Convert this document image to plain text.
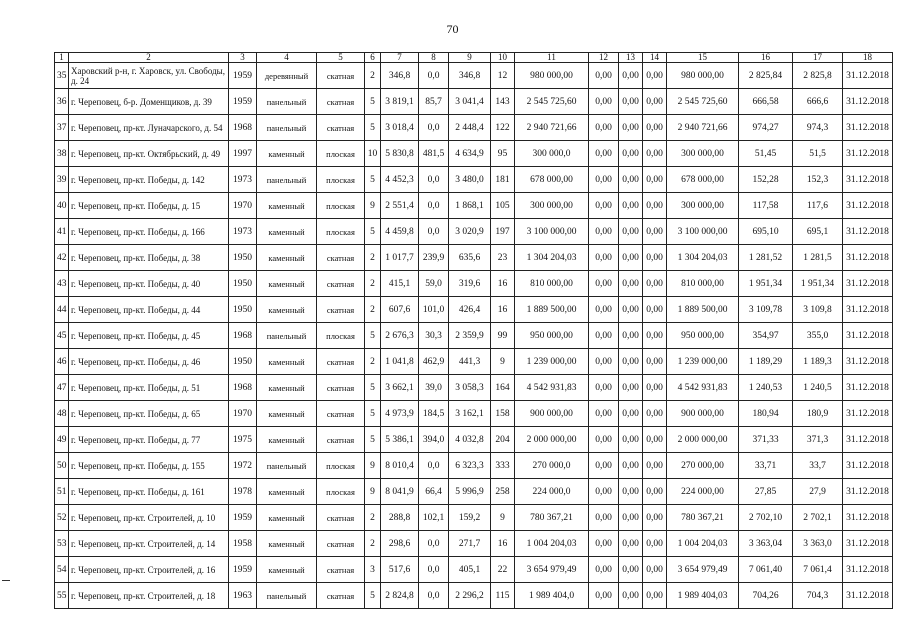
70
1	2	3	4	5	6	7	8	9	10	11	12	13	14	15	16	17	18
35	Харовский р-н, г. Харовск, ул. Свободы, д. 24	1959	деревянный	скатная	2	346,8	0,0	346,8	12	980 000,00	0,00	0,00	0,00	980 000,00	2 825,84	2 825,8	31.12.2018
36	г. Череповец, б-р. Доменщиков, д. 39	1959	панельный	скатная	5	3 819,1	85,7	3 041,4	143	2 545 725,60	0,00	0,00	0,00	2 545 725,60	666,58	666,6	31.12.2018
37	г. Череповец, пр-кт. Луначарского, д. 54	1968	панельный	скатная	5	3 018,4	0,0	2 448,4	122	2 940 721,66	0,00	0,00	0,00	2 940 721,66	974,27	974,3	31.12.2018
38	г. Череповец, пр-кт. Октябрьский, д. 49	1997	каменный	плоская	10	5 830,8	481,5	4 634,9	95	300 000,0	0,00	0,00	0,00	300 000,00	51,45	51,5	31.12.2018
39	г. Череповец, пр-кт. Победы, д. 142	1973	панельный	плоская	5	4 452,3	0,0	3 480,0	181	678 000,00	0,00	0,00	0,00	678 000,00	152,28	152,3	31.12.2018
40	г. Череповец, пр-кт. Победы, д. 15	1970	каменный	плоская	9	2 551,4	0,0	1 868,1	105	300 000,00	0,00	0,00	0,00	300 000,00	117,58	117,6	31.12.2018
41	г. Череповец, пр-кт. Победы, д. 166	1973	каменный	плоская	5	4 459,8	0,0	3 020,9	197	3 100 000,00	0,00	0,00	0,00	3 100 000,00	695,10	695,1	31.12.2018
42	г. Череповец, пр-кт. Победы, д. 38	1950	каменный	скатная	2	1 017,7	239,9	635,6	23	1 304 204,03	0,00	0,00	0,00	1 304 204,03	1 281,52	1 281,5	31.12.2018
43	г. Череповец, пр-кт. Победы, д. 40	1950	каменный	скатная	2	415,1	59,0	319,6	16	810 000,00	0,00	0,00	0,00	810 000,00	1 951,34	1 951,34	31.12.2018
44	г. Череповец, пр-кт. Победы, д. 44	1950	каменный	скатная	2	607,6	101,0	426,4	16	1 889 500,00	0,00	0,00	0,00	1 889 500,00	3 109,78	3 109,8	31.12.2018
45	г. Череповец, пр-кт. Победы, д. 45	1968	панельный	плоская	5	2 676,3	30,3	2 359,9	99	950 000,00	0,00	0,00	0,00	950 000,00	354,97	355,0	31.12.2018
46	г. Череповец, пр-кт. Победы, д. 46	1950	каменный	скатная	2	1 041,8	462,9	441,3	9	1 239 000,00	0,00	0,00	0,00	1 239 000,00	1 189,29	1 189,3	31.12.2018
47	г. Череповец, пр-кт. Победы, д. 51	1968	каменный	скатная	5	3 662,1	39,0	3 058,3	164	4 542 931,83	0,00	0,00	0,00	4 542 931,83	1 240,53	1 240,5	31.12.2018
48	г. Череповец, пр-кт. Победы, д. 65	1970	каменный	скатная	5	4 973,9	184,5	3 162,1	158	900 000,00	0,00	0,00	0,00	900 000,00	180,94	180,9	31.12.2018
49	г. Череповец, пр-кт. Победы, д. 77	1975	каменный	скатная	5	5 386,1	394,0	4 032,8	204	2 000 000,00	0,00	0,00	0,00	2 000 000,00	371,33	371,3	31.12.2018
50	г. Череповец, пр-кт. Победы, д. 155	1972	панельный	плоская	9	8 010,4	0,0	6 323,3	333	270 000,0	0,00	0,00	0,00	270 000,00	33,71	33,7	31.12.2018
51	г. Череповец, пр-кт. Победы, д. 161	1978	каменный	плоская	9	8 041,9	66,4	5 996,9	258	224 000,0	0,00	0,00	0,00	224 000,00	27,85	27,9	31.12.2018
52	г. Череповец, пр-кт. Строителей, д. 10	1959	каменный	скатная	2	288,8	102,1	159,2	9	780 367,21	0,00	0,00	0,00	780 367,21	2 702,10	2 702,1	31.12.2018
53	г. Череповец, пр-кт. Строителей, д. 14	1958	каменный	скатная	2	298,6	0,0	271,7	16	1 004 204,03	0,00	0,00	0,00	1 004 204,03	3 363,04	3 363,0	31.12.2018
54	г. Череповец, пр-кт. Строителей, д. 16	1959	каменный	скатная	3	517,6	0,0	405,1	22	3 654 979,49	0,00	0,00	0,00	3 654 979,49	7 061,40	7 061,4	31.12.2018
55	г. Череповец, пр-кт. Строителей, д. 18	1963	панельный	скатная	5	2 824,8	0,0	2 296,2	115	1 989 404,0	0,00	0,00	0,00	1 989 404,03	704,26	704,3	31.12.2018
